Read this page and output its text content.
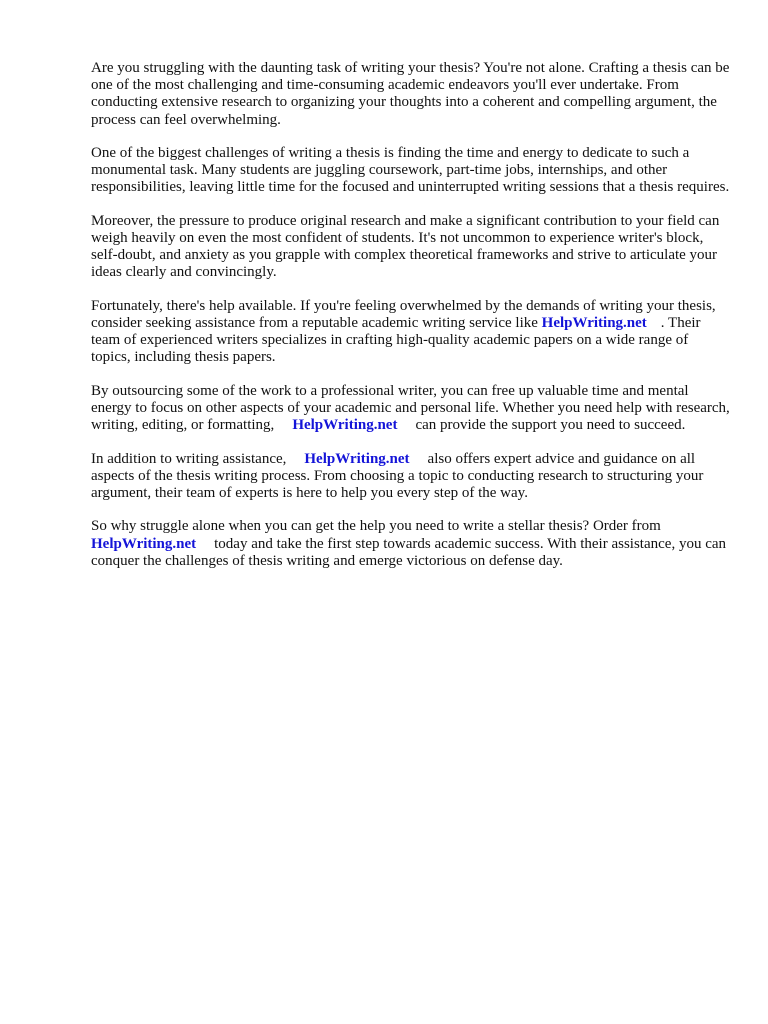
Are you struggling with the daunting task of writing your thesis? You're not alone. Crafting a thesis can be one of the most challenging and time-consuming academic endeavors you'll ever undertake. From conducting extensive research to organizing your thoughts into a coherent and compelling argument, the process can feel overwhelming.

One of the biggest challenges of writing a thesis is finding the time and energy to dedicate to such a monumental task. Many students are juggling coursework, part-time jobs, internships, and other responsibilities, leaving little time for the focused and uninterrupted writing sessions that a thesis requires.

Moreover, the pressure to produce original research and make a significant contribution to your field can weigh heavily on even the most confident of students. It's not uncommon to experience writer's block, self-doubt, and anxiety as you grapple with complex theoretical frameworks and strive to articulate your ideas clearly and convincingly.

Fortunately, there's help available. If you're feeling overwhelmed by the demands of writing your thesis, consider seeking assistance from a reputable academic writing service like HelpWriting.net . Their team of experienced writers specializes in crafting high-quality academic papers on a wide range of topics, including thesis papers.

By outsourcing some of the work to a professional writer, you can free up valuable time and mental energy to focus on other aspects of your academic and personal life. Whether you need help with research, writing, editing, or formatting, HelpWriting.net can provide the support you need to succeed.

In addition to writing assistance, HelpWriting.net also offers expert advice and guidance on all aspects of the thesis writing process. From choosing a topic to conducting research to structuring your argument, their team of experts is here to help you every step of the way.

So why struggle alone when you can get the help you need to write a stellar thesis? Order from HelpWriting.net today and take the first step towards academic success. With their assistance, you can conquer the challenges of thesis writing and emerge victorious on defense day.
